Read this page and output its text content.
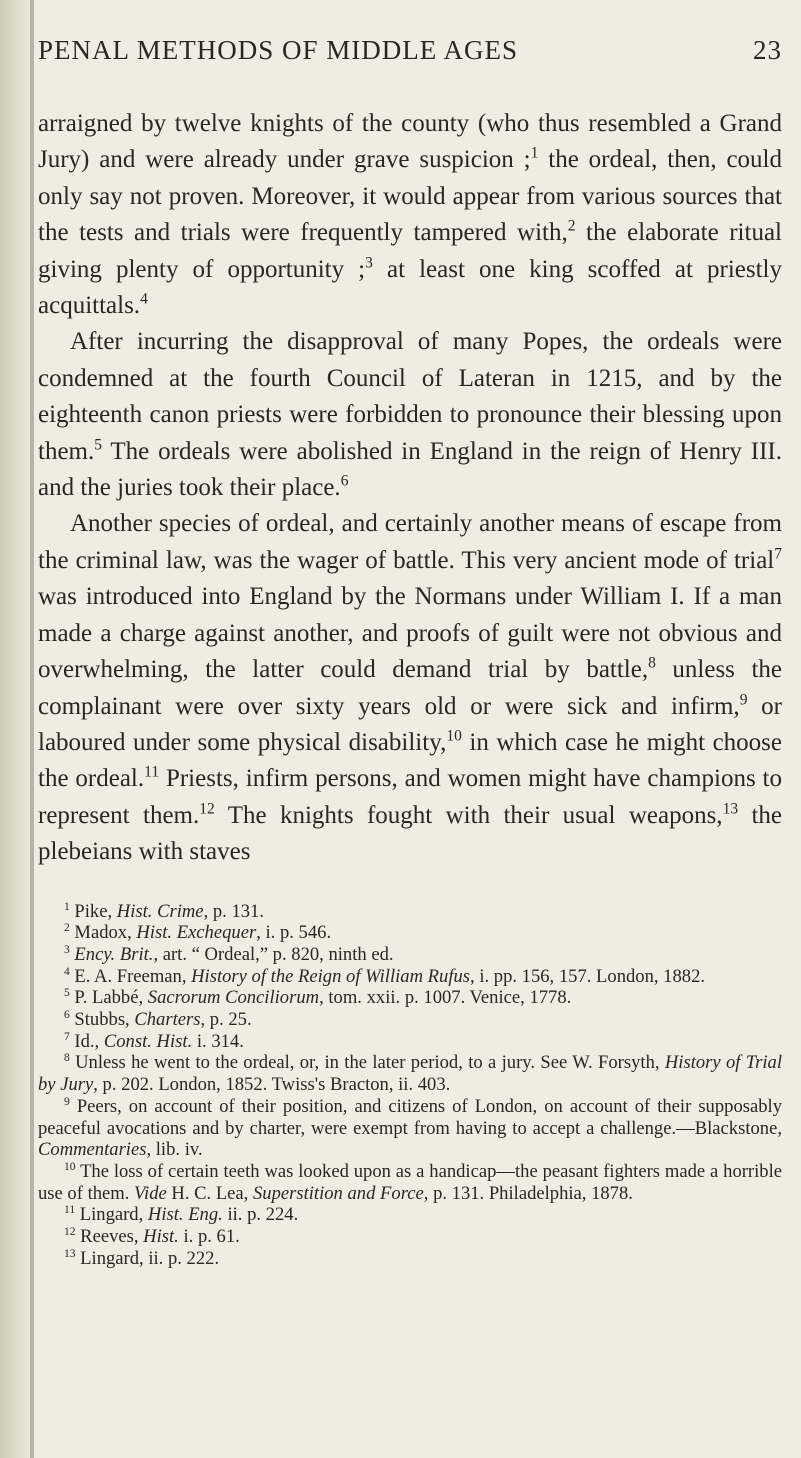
PENAL METHODS OF MIDDLE AGES	23

arraigned by twelve knights of the county (who thus resembled a Grand Jury) and were already under grave suspicion ;$^1$ the ordeal, then, could only say not proven. Moreover, it would appear from various sources that the tests and trials were frequently tampered with,$^2$ the elaborate ritual giving plenty of opportunity ;$^3$ at least one king scoffed at priestly acquittals.$^4$

After incurring the disapproval of many Popes, the ordeals were condemned at the fourth Council of Lateran in 1215, and by the eighteenth canon priests were forbidden to pronounce their blessing upon them.$^5$ The ordeals were abolished in England in the reign of Henry III. and the juries took their place.$^6$

Another species of ordeal, and certainly another means of escape from the criminal law, was the wager of battle. This very ancient mode of trial$^7$ was introduced into England by the Normans under William I. If a man made a charge against another, and proofs of guilt were not obvious and overwhelming, the latter could demand trial by battle,$^8$ unless the complainant were over sixty years old or were sick and infirm,$^9$ or laboured under some physical disability,$^{10}$ in which case he might choose the ordeal.$^{11}$ Priests, infirm persons, and women might have champions to represent them.$^{12}$ The knights fought with their usual weapons,$^{13}$ the plebeians with staves

$^1$ Pike, Hist. Crime, p. 131.

$^2$ Madox, Hist. Exchequer, i. p. 546.

$^3$ Ency. Brit., art. “ Ordeal,” p. 820, ninth ed.

$^4$ E. A. Freeman, History of the Reign of William Rufus, i. pp. 156, 157. London, 1882.

$^5$ P. Labbé, Sacrorum Conciliorum, tom. xxii. p. 1007. Venice, 1778.

$^6$ Stubbs, Charters, p. 25.

$^7$ Id., Const. Hist. i. 314.

$^8$ Unless he went to the ordeal, or, in the later period, to a jury. See W. Forsyth, History of Trial by Jury, p. 202. London, 1852. Twiss's Bracton, ii. 403.

$^9$ Peers, on account of their position, and citizens of London, on account of their supposably peaceful avocations and by charter, were exempt from having to accept a challenge.—Blackstone, Commentaries, lib. iv.

$^{10}$ The loss of certain teeth was looked upon as a handicap—the peasant fighters made a horrible use of them. Vide H. C. Lea, Superstition and Force, p. 131. Philadelphia, 1878.

$^{11}$ Lingard, Hist. Eng. ii. p. 224.

$^{12}$ Reeves, Hist. i. p. 61.

$^{13}$ Lingard, ii. p. 222.
